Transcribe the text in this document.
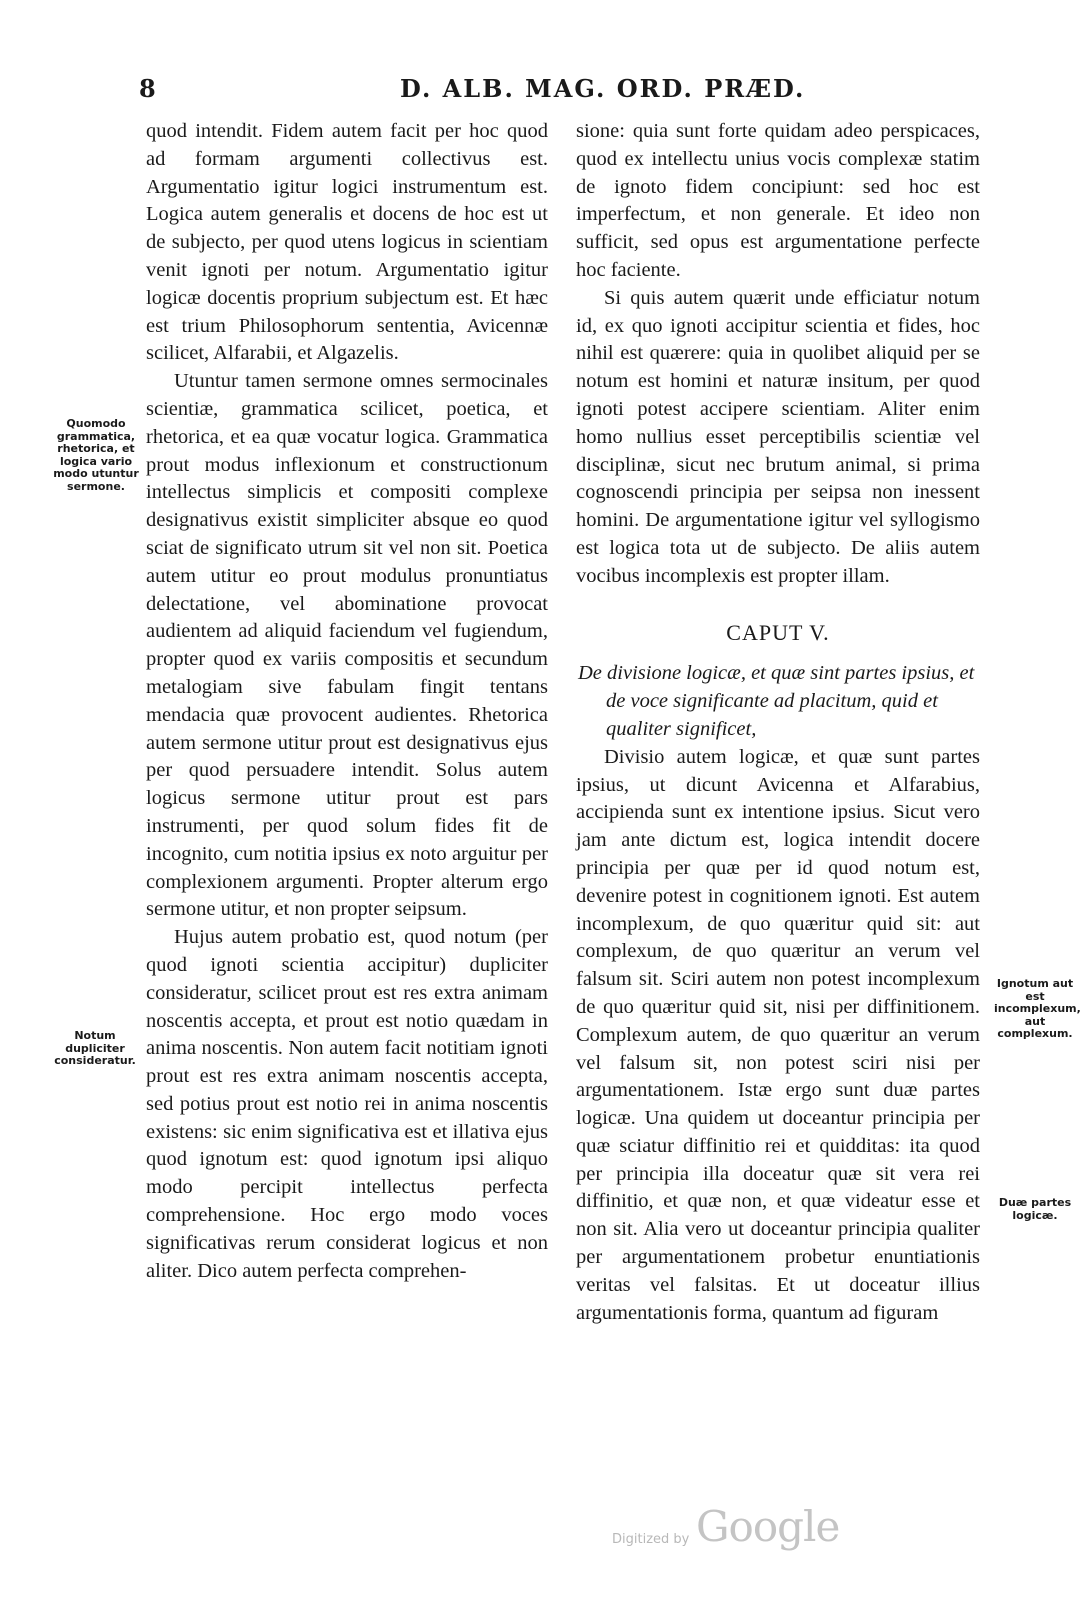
8	D. ALB. MAG. ORD. PRÆD.

quod intendit. Fidem autem facit per hoc quod ad formam argumenti collectivus est. Argumentatio igitur logici instrumentum est. Logica autem generalis et docens de hoc est ut de subjecto, per quod utens logicus in scientiam venit ignoti per notum. Argumentatio igitur logicæ docentis proprium subjectum est. Et hæc est trium Philosophorum sententia, Avicennæ scilicet, Alfarabii, et Algazelis.

Utuntur tamen sermone omnes sermocinales scientiæ, grammatica scilicet, poetica, et rhetorica, et ea quæ vocatur logica. Grammatica prout modus inflexionum et constructionum intellectus simplicis et compositi complexe designativus existit simpliciter absque eo quod sciat de significato utrum sit vel non sit. Poetica autem utitur eo prout modulus pronuntiatus delectatione, vel abominatione provocat audientem ad aliquid faciendum vel fugiendum, propter quod ex variis compositis et secundum metalogiam sive fabulam fingit tentans mendacia quæ provocent audientes. Rhetorica autem sermone utitur prout est designativus ejus per quod persuadere intendit. Solus autem logicus sermone utitur prout est pars instrumenti, per quod solum fides fit de incognito, cum notitia ipsius ex noto arguitur per complexionem argumenti. Propter alterum ergo sermone utitur, et non propter seipsum.

Hujus autem probatio est, quod notum (per quod ignoti scientia accipitur) dupliciter consideratur, scilicet prout est res extra animam noscentis accepta, et prout est notio quædam in anima noscentis. Non autem facit notitiam ignoti prout est res extra animam noscentis accepta, sed potius prout est notio rei in anima noscentis existens: sic enim significativa est et illativa ejus quod ignotum est: quod ignotum ipsi aliquo modo percipit intellectus perfecta comprehensione. Hoc ergo modo voces significativas rerum considerat logicus et non aliter. Dico autem perfecta comprehen-

sione: quia sunt forte quidam adeo perspicaces, quod ex intellectu unius vocis complexæ statim de ignoto fidem concipiunt: sed hoc est imperfectum, et non generale. Et ideo non sufficit, sed opus est argumentatione perfecte hoc faciente.

Si quis autem quærit unde efficiatur notum id, ex quo ignoti accipitur scientia et fides, hoc nihil est quærere: quia in quolibet aliquid per se notum est homini et naturæ insitum, per quod ignoti potest accipere scientiam. Aliter enim homo nullius esset perceptibilis scientiæ vel disciplinæ, sicut nec brutum animal, si prima cognoscendi principia per seipsa non inessent homini. De argumentatione igitur vel syllogismo est logica tota ut de subjecto. De aliis autem vocibus incomplexis est propter illam.

CAPUT V.

De divisione logicæ, et quæ sint partes ipsius, et de voce significante ad placitum, quid et qualiter significet,

Divisio autem logicæ, et quæ sunt partes ipsius, ut dicunt Avicenna et Alfarabius, accipienda sunt ex intentione ipsius. Sicut vero jam ante dictum est, logica intendit docere principia per quæ per id quod notum est, devenire potest in cognitionem ignoti. Est autem incomplexum, de quo quæritur quid sit: aut complexum, de quo quæritur an verum vel falsum sit. Sciri autem non potest incomplexum de quo quæritur quid sit, nisi per diffinitionem. Complexum autem, de quo quæritur an verum vel falsum sit, non potest sciri nisi per argumentationem. Istæ ergo sunt duæ partes logicæ. Una quidem ut doceantur principia per quæ sciatur diffinitio rei et quidditas: ita quod per principia illa doceatur quæ sit vera rei diffinitio, et quæ non, et quæ videatur esse et non sit. Alia vero ut doceantur principia qualiter per argumentationem probetur enuntiationis veritas vel falsitas. Et ut doceatur illius argumentationis forma, quantum ad figuram

Quomodo grammatica, rhetorica, et logica vario modo utuntur sermone.
Notum dupliciter consideratur.
Ignotum aut est incomplexum, aut complexum.
Duæ partes logicæ.
Digitized by Google
